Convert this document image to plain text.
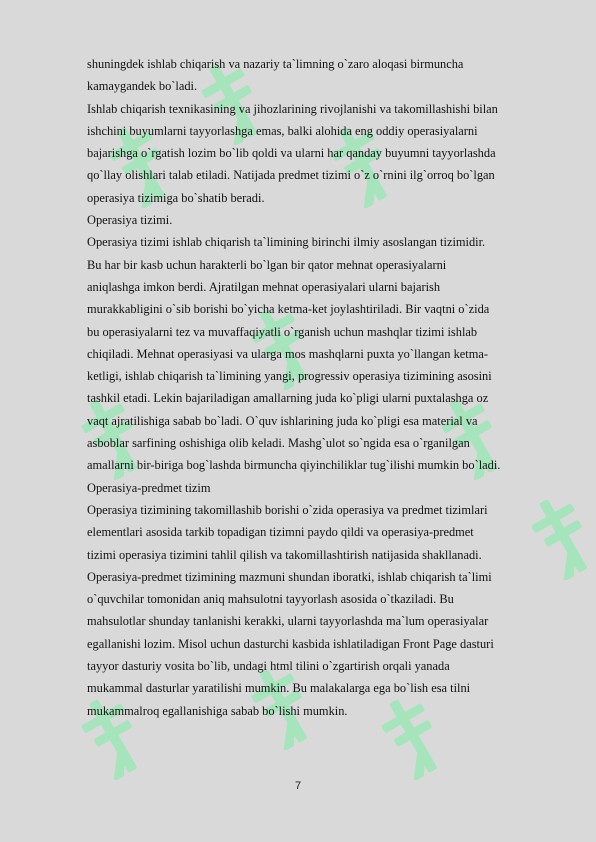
shuningdek ishlab chiqarish va nazariy ta`limning o`zaro aloqasi birmuncha
kamaygandek bo`ladi.
Ishlab chiqarish texnikasining va jihozlarining rivojlanishi va takomillashishi bilan
ishchini buyumlarni tayyorlashga emas, balki alohida eng oddiy operasiyalarni
bajarishga o`rgatish lozim bo`lib qoldi va ularni har qanday buyumni tayyorlashda
qo`llay olishlari talab etiladi. Natijada predmet tizimi o`z o`rnini ilg`orroq bo`lgan
operasiya tizimiga bo`shatib beradi.
Operasiya tizimi.
Operasiya tizimi ishlab chiqarish ta`limining birinchi ilmiy asoslangan tizimidir.
Bu har bir kasb uchun harakterli bo`lgan bir qator mehnat operasiyalarni
aniqlashga imkon berdi. Ajratilgan mehnat operasiyalari ularni bajarish
murakkabligini o`sib borishi bo`yicha ketma-ket joylashtiriladi. Bir vaqtni o`zida
bu operasiyalarni tez va muvaffaqiyatli o`rganish uchun mashqlar tizimi ishlab
chiqiladi. Mehnat operasiyasi va ularga mos mashqlarni puxta yo`llangan ketma-
ketligi, ishlab chiqarish ta`limining yangi, progressiv operasiya tizimining asosini
tashkil etadi. Lekin bajariladigan amallarning juda ko`pligi ularni puxtalashga oz
vaqt ajratilishiga sabab bo`ladi. O`quv ishlarining juda ko`pligi esa material va
asboblar sarfining oshishiga olib keladi. Mashg`ulot so`ngida esa o`rganilgan
amallarni bir-biriga bog`lashda birmuncha qiyinchiliklar tug`ilishi mumkin bo`ladi.
Operasiya-predmet tizim
Operasiya tizimining takomillashib borishi o`zida operasiya va predmet tizimlari
elementlari asosida tarkib topadigan tizimni paydo qildi va operasiya-predmet
tizimi operasiya tizimini tahlil qilish va takomillashtirish natijasida shakllanadi.
Operasiya-predmet tizimining mazmuni shundan iboratki, ishlab chiqarish ta`limi
o`quvchilar tomonidan aniq mahsulotni tayyorlash asosida o`tkaziladi. Bu
mahsulotlar shunday tanlanishi kerakki, ularni tayyorlashda ma`lum operasiyalar
egallanishi lozim. Misol uchun dasturchi kasbida ishlatiladigan Front Page dasturi
tayyor dasturiy vosita bo`lib, undagi html tilini o`zgartirish orqali yanada
mukammal dasturlar yaratilishi mumkin. Bu malakalarga ega bo`lish esa tilni
mukammalroq egallanishiga sabab bo`lishi mumkin.
7
